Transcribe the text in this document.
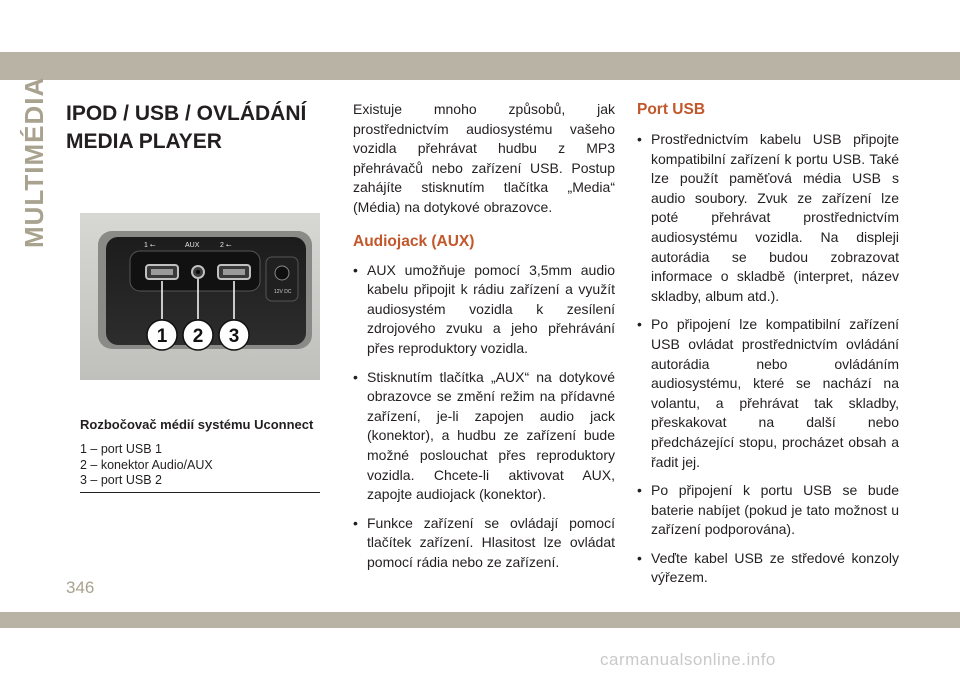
MULTIMÉDIA IPOD / USB / OVLÁDÁNÍ MEDIA PLAYER
1 ⭠	AUX	2 ⭠
12V DC
1 2 3
Rozbočovač médií systému Uconnect
1 – port USB 1
2 – konektor Audio/AUX
3 – port USB 2

Existuje mnoho způsobů, jak prostřednictvím audiosystému vašeho vozidla přehrávat hudbu z MP3 přehrávačů nebo zařízení USB. Postup zahájíte stisknutím tlačítka „Media“ (Média) na dotykové obrazovce.

Audiojack (AUX)
• AUX umožňuje pomocí 3,5mm audio kabelu připojit k rádiu zařízení a využít audiosystém vozidla k zesílení zdrojového zvuku a jeho přehrávání přes reproduktory vozidla.
• Stisknutím tlačítka „AUX“ na dotykové obrazovce se změní režim na přídavné zařízení, je-li zapojen audio jack (konektor), a hudbu ze zařízení bude možné poslouchat přes reproduktory vozidla. Chcete-li aktivovat AUX, zapojte audiojack (konektor).
• Funkce zařízení se ovládají pomocí tlačítek zařízení. Hlasitost lze ovládat pomocí rádia nebo ze zařízení.
Port USB
• Prostřednictvím kabelu USB připojte kompatibilní zařízení k portu USB. Také lze použít paměťová média USB s audio soubory. Zvuk ze zařízení lze poté přehrávat prostřednictvím audiosystému vozidla. Na displeji autorádia se budou zobrazovat informace o skladbě (interpret, název skladby, album atd.).
• Po připojení lze kompatibilní zařízení USB ovládat prostřednictvím ovládání autorádia nebo ovládáním audiosystému, které se nachází na volantu, a přehrávat tak skladby, přeskakovat na další nebo předcházející stopu, procházet obsah a řadit jej.
• Po připojení k portu USB se bude baterie nabíjet (pokud je tato možnost u zařízení podporována).
• Veďte kabel USB ze středové konzoly výřezem.
346
carmanualsonline.info
